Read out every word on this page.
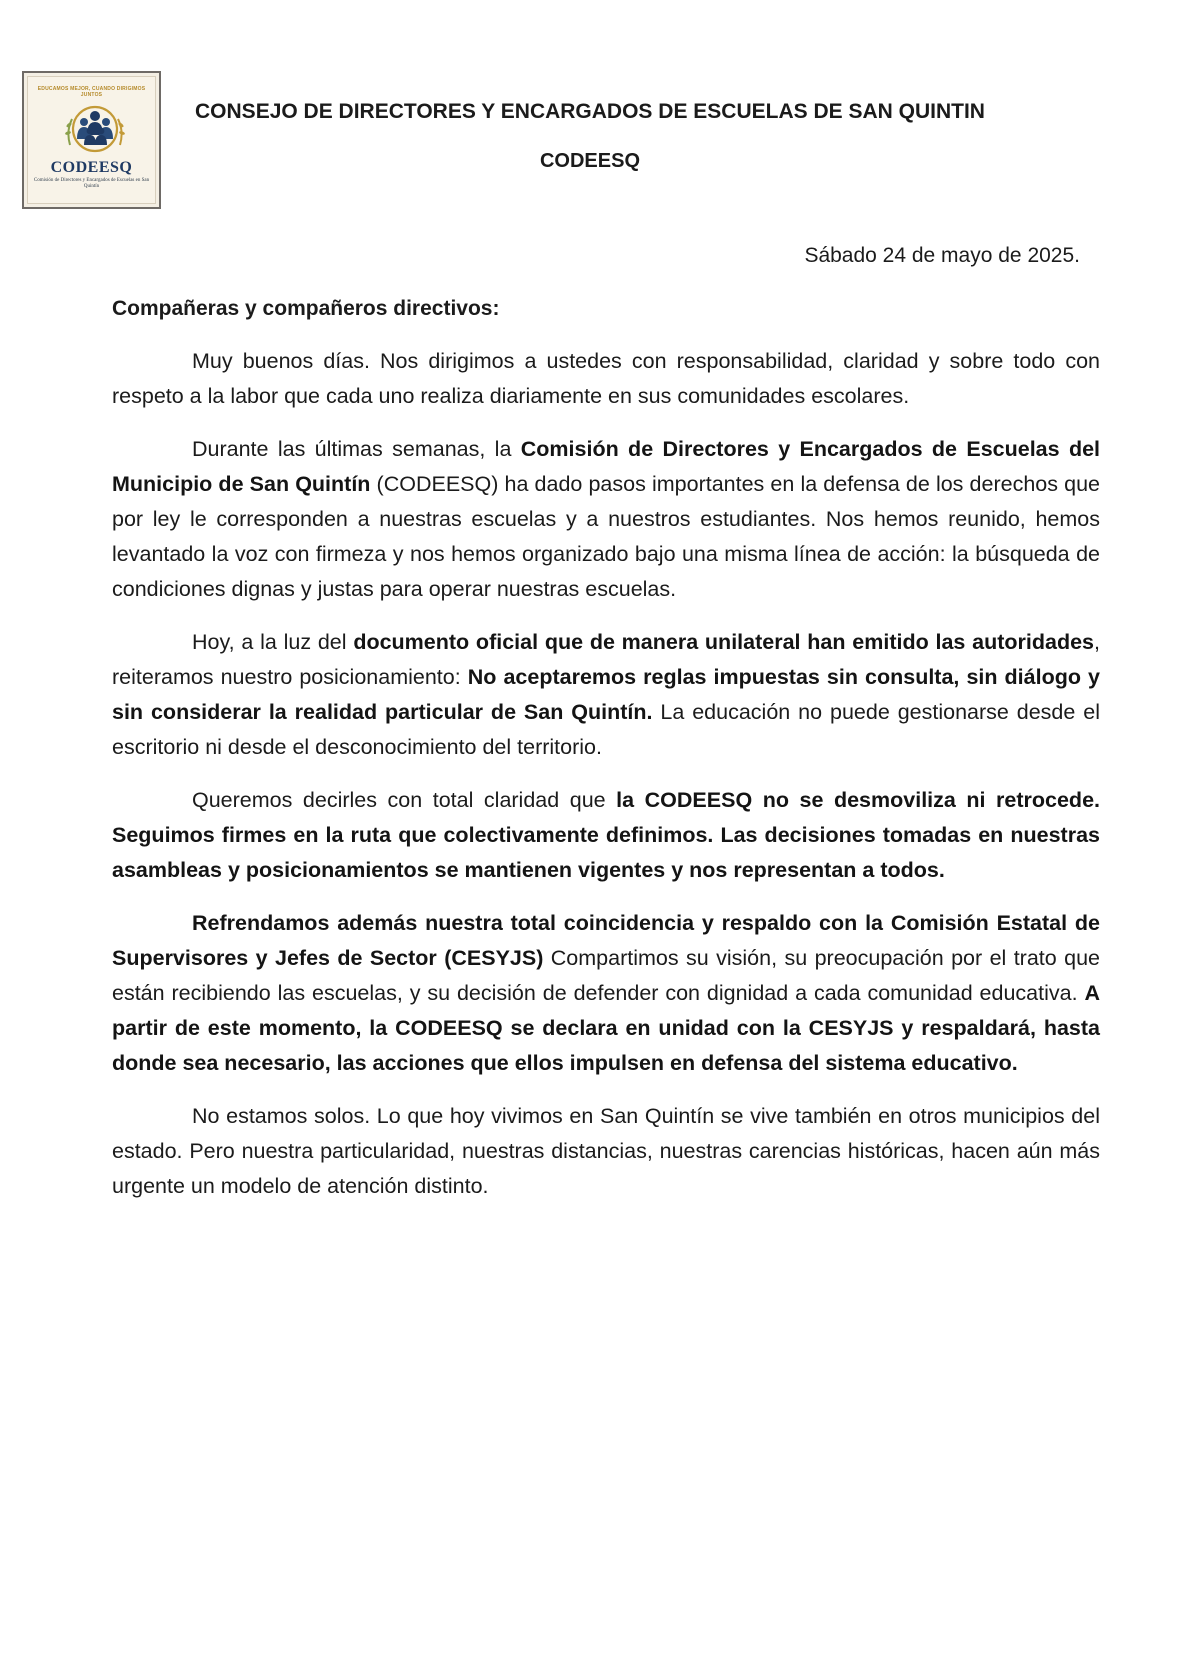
EDUCAMOS MEJOR, CUANDO DIRIGIMOS JUNTOS
CODEESQ
Comisión de Directores y Encargados de Escuelas en San Quintín
CONSEJO DE DIRECTORES Y ENCARGADOS DE ESCUELAS DE SAN QUINTIN
CODEESQ

Sábado 24 de mayo de 2025.

Compañeras y compañeros directivos:

Muy buenos días. Nos dirigimos a ustedes con responsabilidad, claridad y sobre todo con respeto a la labor que cada uno realiza diariamente en sus comunidades escolares.

Durante las últimas semanas, la Comisión de Directores y Encargados de Escuelas del Municipio de San Quintín (CODEESQ) ha dado pasos importantes en la defensa de los derechos que por ley le corresponden a nuestras escuelas y a nuestros estudiantes. Nos hemos reunido, hemos levantado la voz con firmeza y nos hemos organizado bajo una misma línea de acción: la búsqueda de condiciones dignas y justas para operar nuestras escuelas.

Hoy, a la luz del documento oficial que de manera unilateral han emitido las autoridades, reiteramos nuestro posicionamiento: No aceptaremos reglas impuestas sin consulta, sin diálogo y sin considerar la realidad particular de San Quintín. La educación no puede gestionarse desde el escritorio ni desde el desconocimiento del territorio.

Queremos decirles con total claridad que la CODEESQ no se desmoviliza ni retrocede. Seguimos firmes en la ruta que colectivamente definimos. Las decisiones tomadas en nuestras asambleas y posicionamientos se mantienen vigentes y nos representan a todos.

Refrendamos además nuestra total coincidencia y respaldo con la Comisión Estatal de Supervisores y Jefes de Sector (CESYJS) Compartimos su visión, su preocupación por el trato que están recibiendo las escuelas, y su decisión de defender con dignidad a cada comunidad educativa. A partir de este momento, la CODEESQ se declara en unidad con la CESYJS y respaldará, hasta donde sea necesario, las acciones que ellos impulsen en defensa del sistema educativo.

No estamos solos. Lo que hoy vivimos en San Quintín se vive también en otros municipios del estado. Pero nuestra particularidad, nuestras distancias, nuestras carencias históricas, hacen aún más urgente un modelo de atención distinto.
